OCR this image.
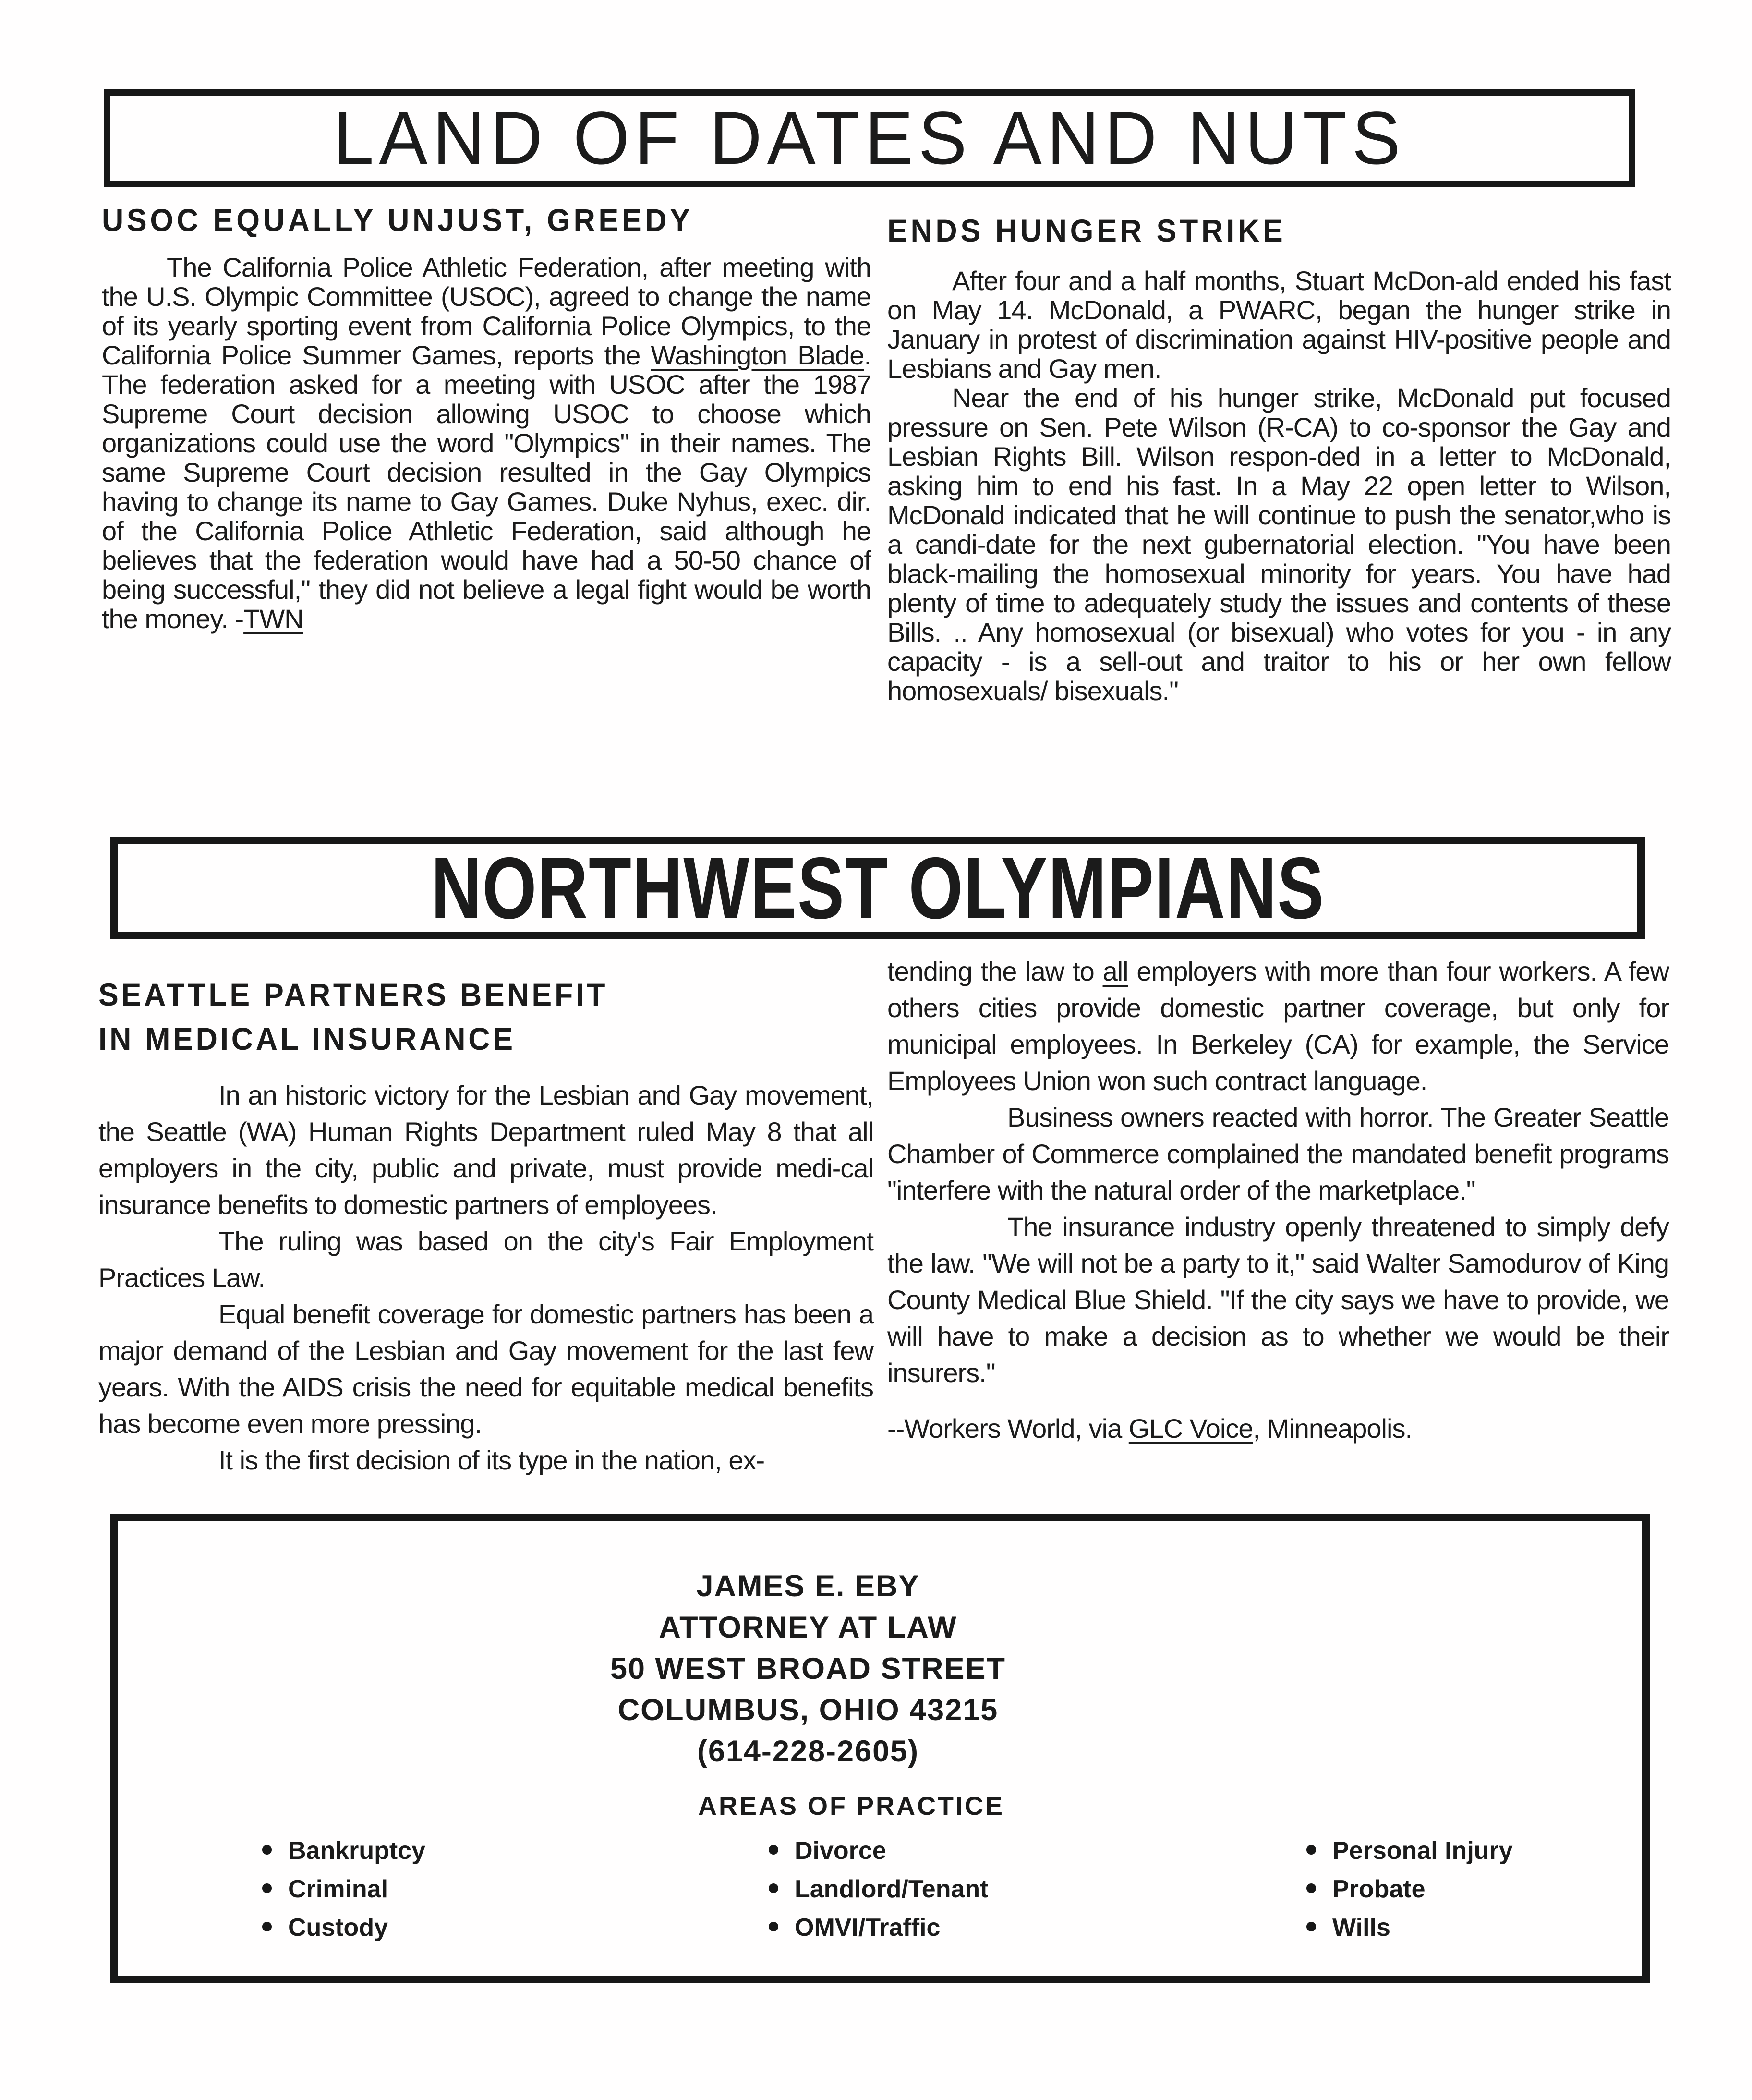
LAND OF DATES AND NUTS
USOC EQUALLY UNJUST, GREEDY

The California Police Athletic Federation, after meeting with the U.S. Olympic Committee (USOC), agreed to change the name of its yearly sporting event from California Police Olympics, to the California Police Summer Games, reports the Washington Blade. The federation asked for a meeting with USOC after the 1987 Supreme Court decision allowing USOC to choose which organizations could use the word "Olympics" in their names. The same Supreme Court decision resulted in the Gay Olympics having to change its name to Gay Games. Duke Nyhus, exec. dir. of the California Police Athletic Federation, said although he believes that the federation would have had a 50-50 chance of being successful," they did not believe a legal fight would be worth the money. -TWN

ENDS HUNGER STRIKE

After four and a half months, Stuart McDon-ald ended his fast on May 14. McDonald, a PWARC, began the hunger strike in January in protest of discrimination against HIV-positive people and Lesbians and Gay men.

Near the end of his hunger strike, McDonald put focused pressure on Sen. Pete Wilson (R-CA) to co-sponsor the Gay and Lesbian Rights Bill. Wilson respon-ded in a letter to McDonald, asking him to end his fast. In a May 22 open letter to Wilson, McDonald indicated that he will continue to push the senator,who is a candi-date for the next gubernatorial election. "You have been black-mailing the homosexual minority for years. You have had plenty of time to adequately study the issues and contents of these Bills. .. Any homosexual (or bisexual) who votes for you - in any capacity - is a sell-out and traitor to his or her own fellow homosexuals/ bisexuals."

NORTHWEST OLYMPIANS
SEATTLE PARTNERS BENEFIT
IN MEDICAL INSURANCE

In an historic victory for the Lesbian and Gay movement, the Seattle (WA) Human Rights Department ruled May 8 that all employers in the city, public and private, must provide medi-cal insurance benefits to domestic partners of employees.

The ruling was based on the city's Fair Employment Practices Law.

Equal benefit coverage for domestic partners has been a major demand of the Lesbian and Gay movement for the last few years. With the AIDS crisis the need for equitable medical benefits has become even more pressing.

It is the first decision of its type in the nation, ex-

tending the law to all employers with more than four workers. A few others cities provide domestic partner coverage, but only for municipal employees. In Berkeley (CA) for example, the Service Employees Union won such contract language.

Business owners reacted with horror. The Greater Seattle Chamber of Commerce complained the mandated benefit programs "interfere with the natural order of the marketplace."

The insurance industry openly threatened to simply defy the law. "We will not be a party to it," said Walter Samodurov of King County Medical Blue Shield. "If the city says we have to provide, we will have to make a decision as to whether we would be their insurers."

--Workers World, via GLC Voice, Minneapolis.

JAMES E. EBY
ATTORNEY AT LAW
50 WEST BROAD STREET
COLUMBUS, OHIO 43215
(614-228-2605)
AREAS OF PRACTICE
Bankruptcy
Criminal
Custody
Divorce
Landlord/Tenant
OMVI/Traffic
Personal Injury
Probate
Wills
